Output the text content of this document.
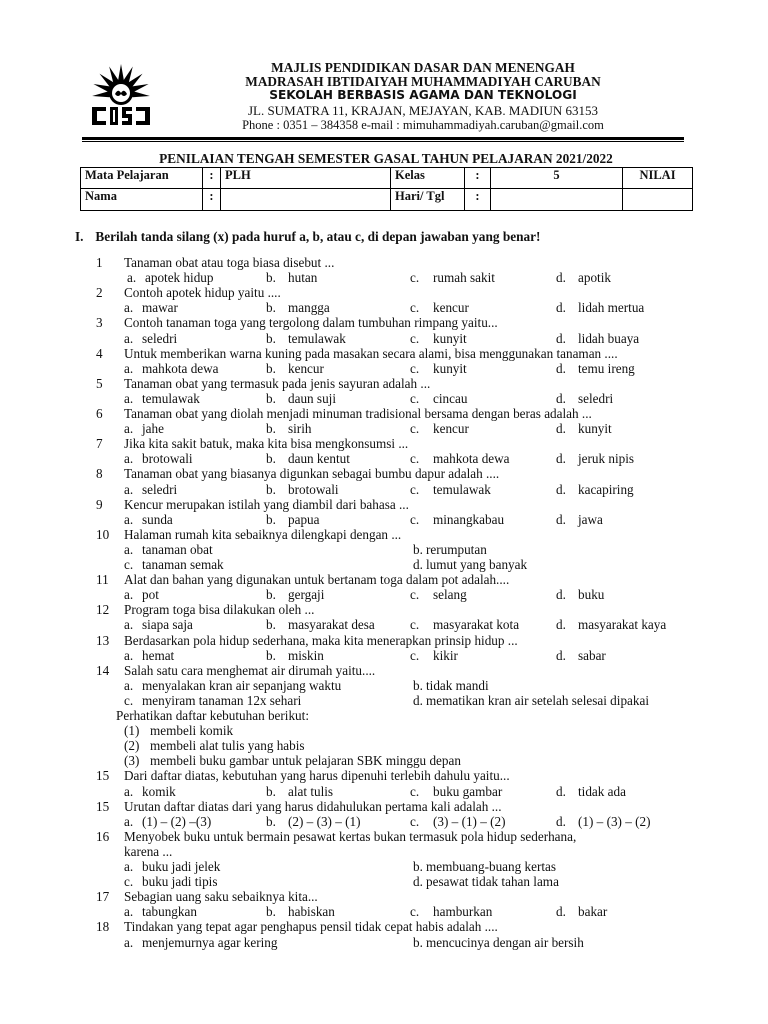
MAJLIS PENDIDIKAN DASAR DAN MENENGAH
MADRASAH IBTIDAIYAH MUHAMMADIYAH CARUBAN
SEKOLAH BERBASIS AGAMA DAN TEKNOLOGI
JL. SUMATRA 11, KRAJAN, MEJAYAN, KAB. MADIUN 63153
Phone : 0351 – 384358 e-mail : mimuhammadiyah.caruban@gmail.com
PENILAIAN TENGAH SEMESTER GASAL TAHUN PELAJARAN 2021/2022
Mata Pelajaran	:	PLH	Kelas	:	5	NILAI
Nama	:		Hari/ Tgl	:		
I. Berilah tanda silang (x) pada huruf a, b, atau c, di depan jawaban yang benar!
1 Tanaman obat atau toga biasa disebut ...
a. apotek hidup	b. hutan	c. rumah sakit	d. apotik
2 Contoh apotek hidup yaitu ....
a. mawar	b. mangga	c. kencur	d. lidah mertua
3 Contoh tanaman toga yang tergolong dalam tumbuhan rimpang yaitu...
a. seledri	b. temulawak	c. kunyit	d. lidah buaya
4 Untuk memberikan warna kuning pada masakan secara alami, bisa menggunakan tanaman ....
a. mahkota dewa	b. kencur	c. kunyit	d. temu ireng
5 Tanaman obat yang termasuk pada jenis sayuran adalah ...
a. temulawak	b. daun suji	c. cincau	d. seledri
6 Tanaman obat yang diolah menjadi minuman tradisional bersama dengan beras adalah ...
a. jahe	b. sirih	c. kencur	d. kunyit
7 Jika kita sakit batuk, maka kita bisa mengkonsumsi ...
a. brotowali	b. daun kentut	c. mahkota dewa	d. jeruk nipis
8 Tanaman obat yang biasanya digunkan sebagai bumbu dapur adalah ....
a. seledri	b. brotowali	c. temulawak	d. kacapiring
9 Kencur merupakan istilah yang diambil dari bahasa ...
a. sunda	b. papua	c. minangkabau	d. jawa
10 Halaman rumah kita sebaiknya dilengkapi dengan ...
a. tanaman obat	b. rerumputan
c. tanaman semak	d. lumut yang banyak
11 Alat dan bahan yang digunakan untuk bertanam toga dalam pot adalah....
a. pot	b. gergaji	c. selang	d. buku
12 Program toga bisa dilakukan oleh ...
a. siapa saja	b. masyarakat desa	c. masyarakat kota	d. masyarakat kaya
13 Berdasarkan pola hidup sederhana, maka kita menerapkan prinsip hidup ...
a. hemat	b. miskin	c. kikir	d. sabar
14 Salah satu cara menghemat air dirumah yaitu....
a. menyalakan kran air sepanjang waktu	b. tidak mandi
c. menyiram tanaman 12x sehari	d. mematikan kran air setelah selesai dipakai
Perhatikan daftar kebutuhan berikut:
(1) membeli komik
(2) membeli alat tulis yang habis
(3) membeli buku gambar untuk pelajaran SBK minggu depan
15 Dari daftar diatas, kebutuhan yang harus dipenuhi terlebih dahulu yaitu...
a. komik	b. alat tulis	c. buku gambar	d. tidak ada
15 Urutan daftar diatas dari yang harus didahulukan pertama kali adalah ...
a. (1) – (2) –(3)	b. (2) – (3) – (1)	c. (3) – (1) – (2)	d. (1) – (3) – (2)
16 Menyobek buku untuk bermain pesawat kertas bukan termasuk pola hidup sederhana,
karena ...
a. buku jadi jelek	b. membuang-buang kertas
c. buku jadi tipis	d. pesawat tidak tahan lama
17 Sebagian uang saku sebaiknya kita...
a. tabungkan	b. habiskan	c. hamburkan	d. bakar
18 Tindakan yang tepat agar penghapus pensil tidak cepat habis adalah ....
a. menjemurnya agar kering	b. mencucinya dengan air bersih
